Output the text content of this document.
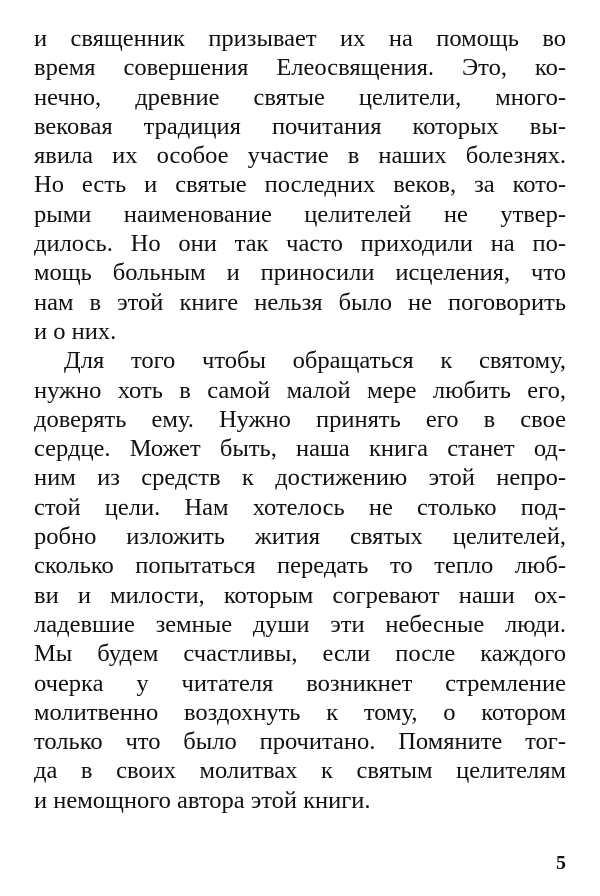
и священник призывает их на помощь во
время совершения Елеосвящения. Это, ко-
нечно, древние святые целители, много-
вековая традиция почитания которых вы-
явила их особое участие в наших болезнях.
Но есть и святые последних веков, за кото-
рыми наименование целителей не утвер-
дилось. Но они так часто приходили на по-
мощь больным и приносили исцеления, что
нам в этой книге нельзя было не поговорить
и о них.
Для того чтобы обращаться к святому,
нужно хоть в самой малой мере любить его,
доверять ему. Нужно принять его в свое
сердце. Может быть, наша книга станет од-
ним из средств к достижению этой непро-
стой цели. Нам хотелось не столько под-
робно изложить жития святых целителей,
сколько попытаться передать то тепло люб-
ви и милости, которым согревают наши ох-
ладевшие земные души эти небесные люди.
Мы будем счастливы, если после каждого
очерка у читателя возникнет стремление
молитвенно воздохнуть к тому, о котором
только что было прочитано. Помяните тог-
да в своих молитвах к святым целителям
и немощного автора этой книги.
5
